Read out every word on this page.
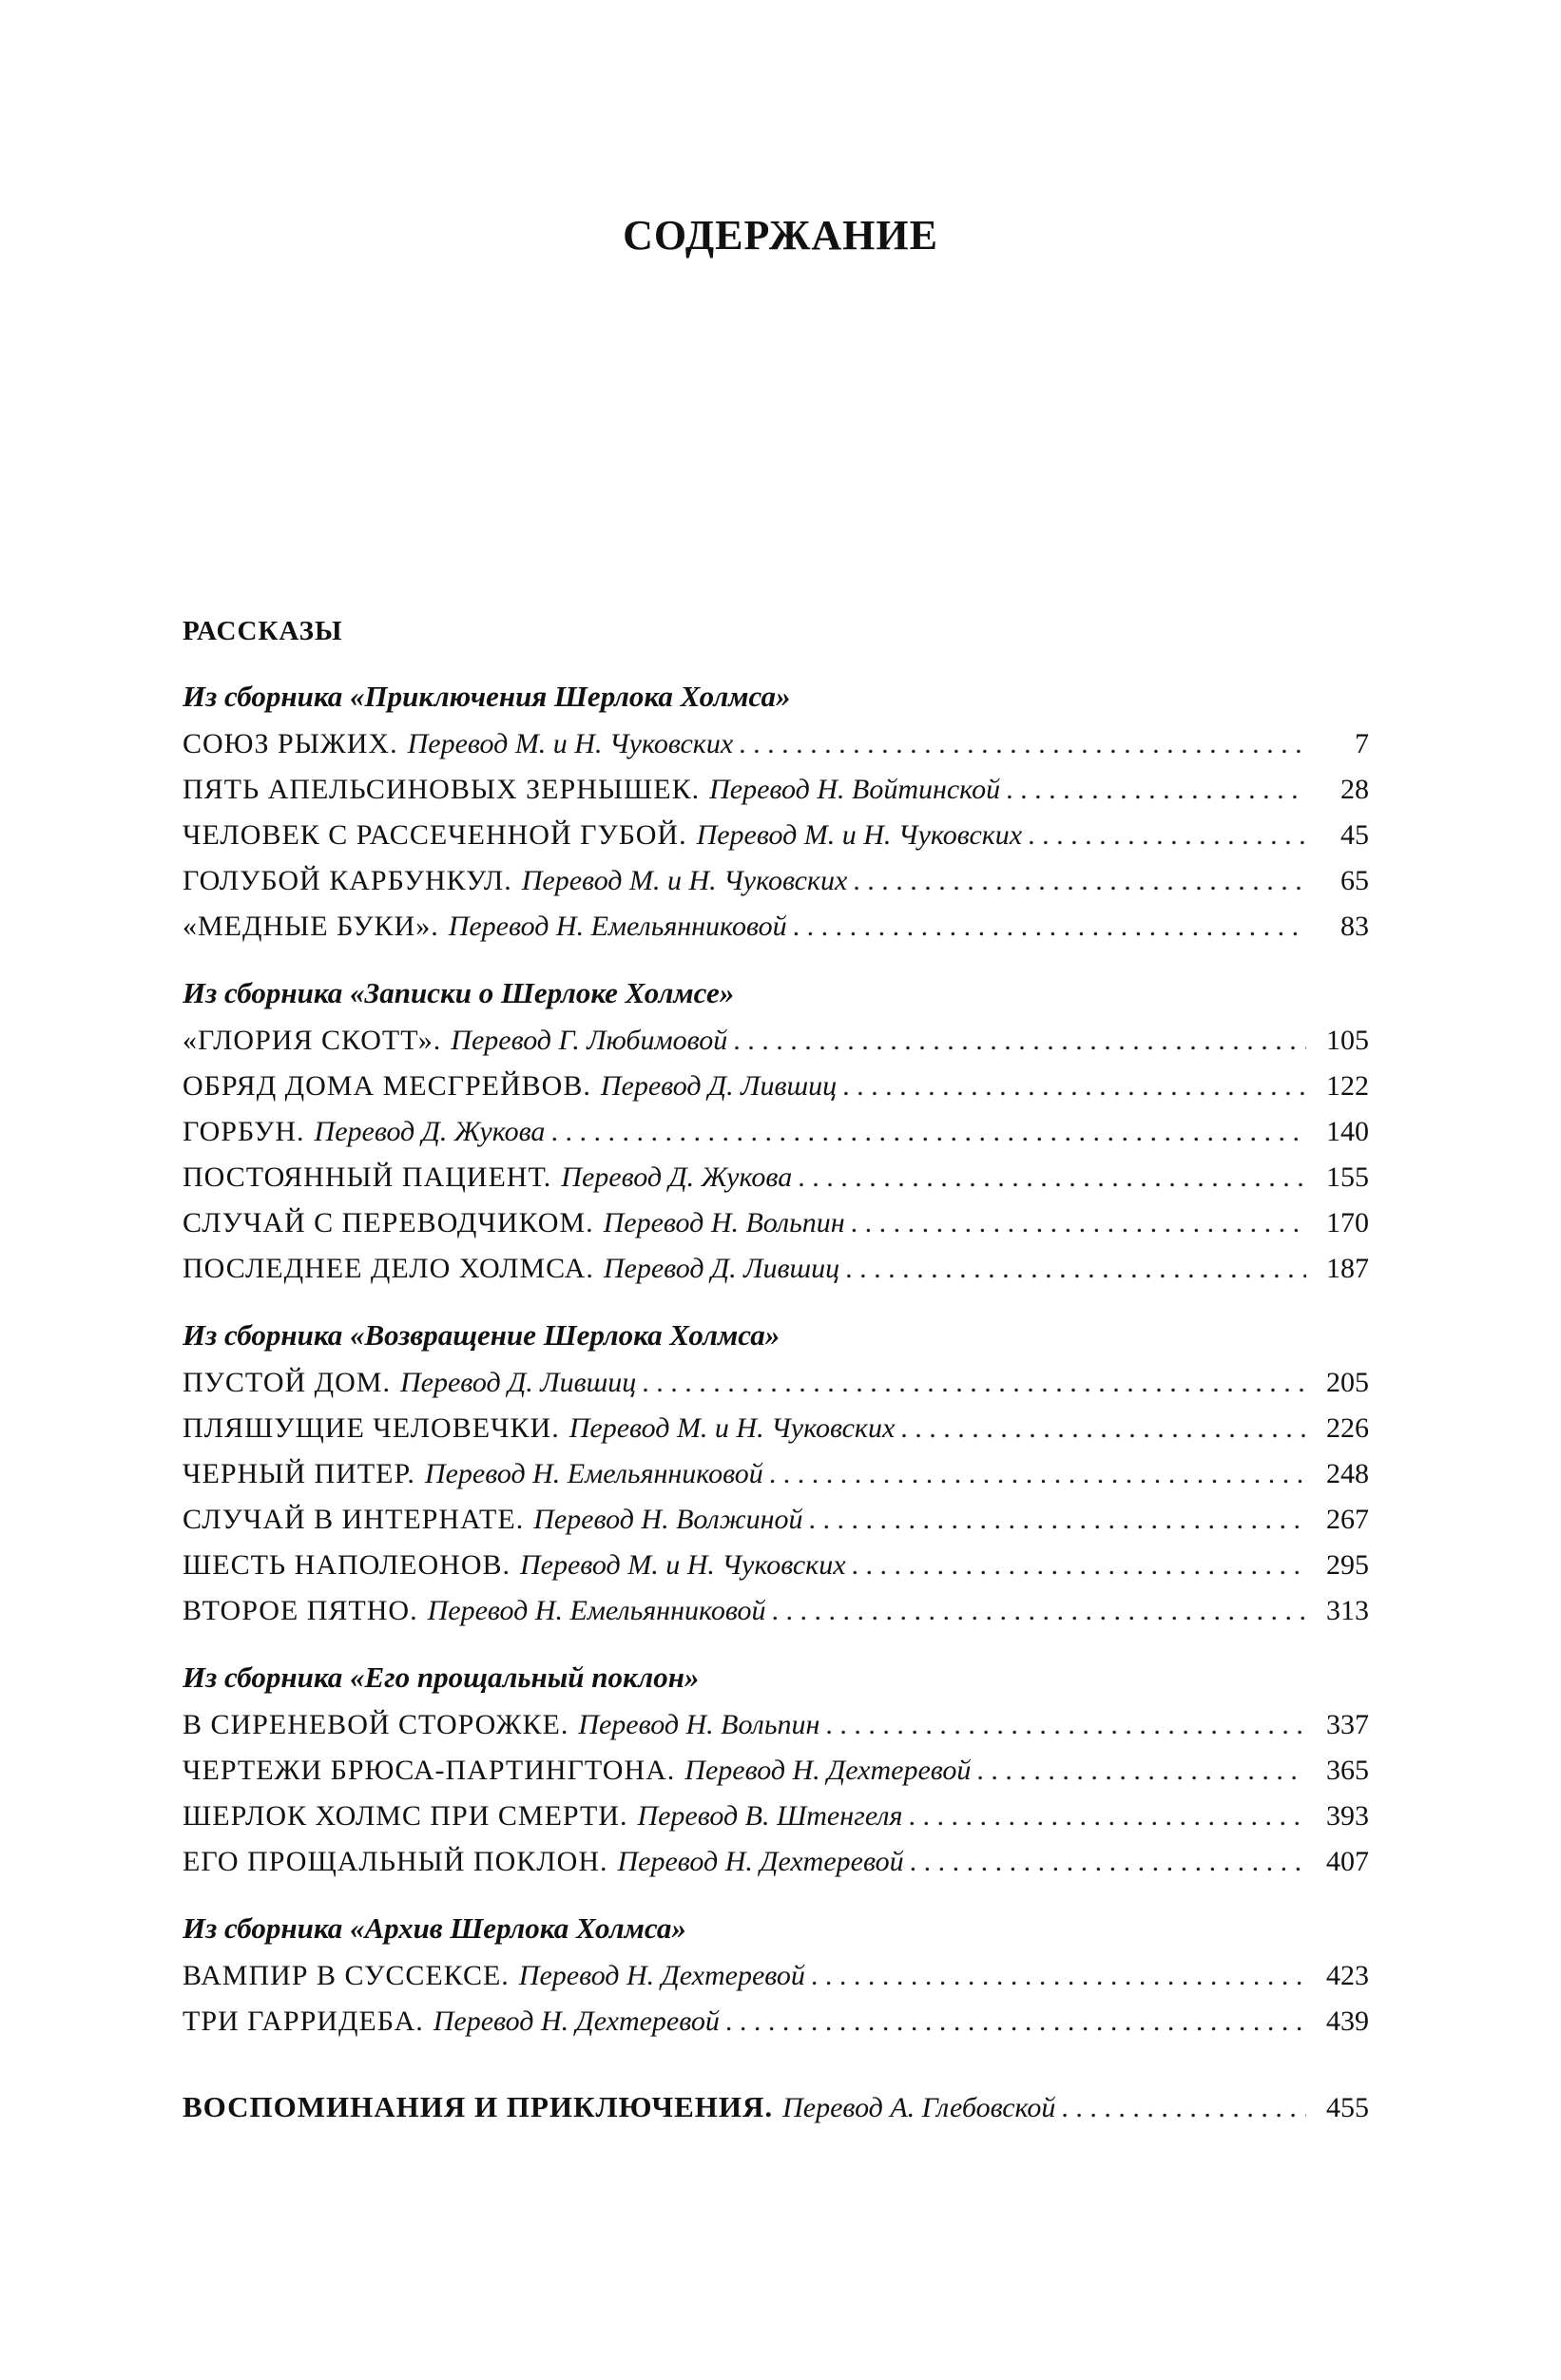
СОДЕРЖАНИЕ
РАССКАЗЫ
Из сборника «Приключения Шерлока Холмса»
СОЮЗ РЫЖИХ. Перевод М. и Н. Чуковских . . .	7
ПЯТЬ АПЕЛЬСИНОВЫХ ЗЕРНЫШЕК. Перевод Н. Войтинской . . .	28
ЧЕЛОВЕК С РАССЕЧЕННОЙ ГУБОЙ. Перевод М. и Н. Чуковских . . .	45
ГОЛУБОЙ КАРБУНКУЛ. Перевод М. и Н. Чуковских . . .	65
«МЕДНЫЕ БУКИ». Перевод Н. Емельянниковой . . .	83
Из сборника «Записки о Шерлоке Холмсе»
«ГЛОРИЯ СКОТТ». Перевод Г. Любимовой . . .	105
ОБРЯД ДОМА МЕСГРЕЙВОВ. Перевод Д. Лившиц . . .	122
ГОРБУН. Перевод Д. Жукова . . .	140
ПОСТОЯННЫЙ ПАЦИЕНТ. Перевод Д. Жукова . . .	155
СЛУЧАЙ С ПЕРЕВОДЧИКОМ. Перевод Н. Вольпин . . .	170
ПОСЛЕДНЕЕ ДЕЛО ХОЛМСА. Перевод Д. Лившиц . . .	187
Из сборника «Возвращение Шерлока Холмса»
ПУСТОЙ ДОМ. Перевод Д. Лившиц . . .	205
ПЛЯШУЩИЕ ЧЕЛОВЕЧКИ. Перевод М. и Н. Чуковских . . .	226
ЧЕРНЫЙ ПИТЕР. Перевод Н. Емельянниковой . . .	248
СЛУЧАЙ В ИНТЕРНАТЕ. Перевод Н. Волжиной . . .	267
ШЕСТЬ НАПОЛЕОНОВ. Перевод М. и Н. Чуковских . . .	295
ВТОРОЕ ПЯТНО. Перевод Н. Емельянниковой . . .	313
Из сборника «Его прощальный поклон»
В СИРЕНЕВОЙ СТОРОЖКЕ. Перевод Н. Вольпин . . .	337
ЧЕРТЕЖИ БРЮСА-ПАРТИНГТОНА. Перевод Н. Дехтеревой . . .	365
ШЕРЛОК ХОЛМС ПРИ СМЕРТИ. Перевод В. Штенгеля . . .	393
ЕГО ПРОЩАЛЬНЫЙ ПОКЛОН. Перевод Н. Дехтеревой . . .	407
Из сборника «Архив Шерлока Холмса»
ВАМПИР В СУССЕКСЕ. Перевод Н. Дехтеревой . . .	423
ТРИ ГАРРИДЕБА. Перевод Н. Дехтеревой . . .	439
ВОСПОМИНАНИЯ И ПРИКЛЮЧЕНИЯ. Перевод А. Глебовской . . .	455
